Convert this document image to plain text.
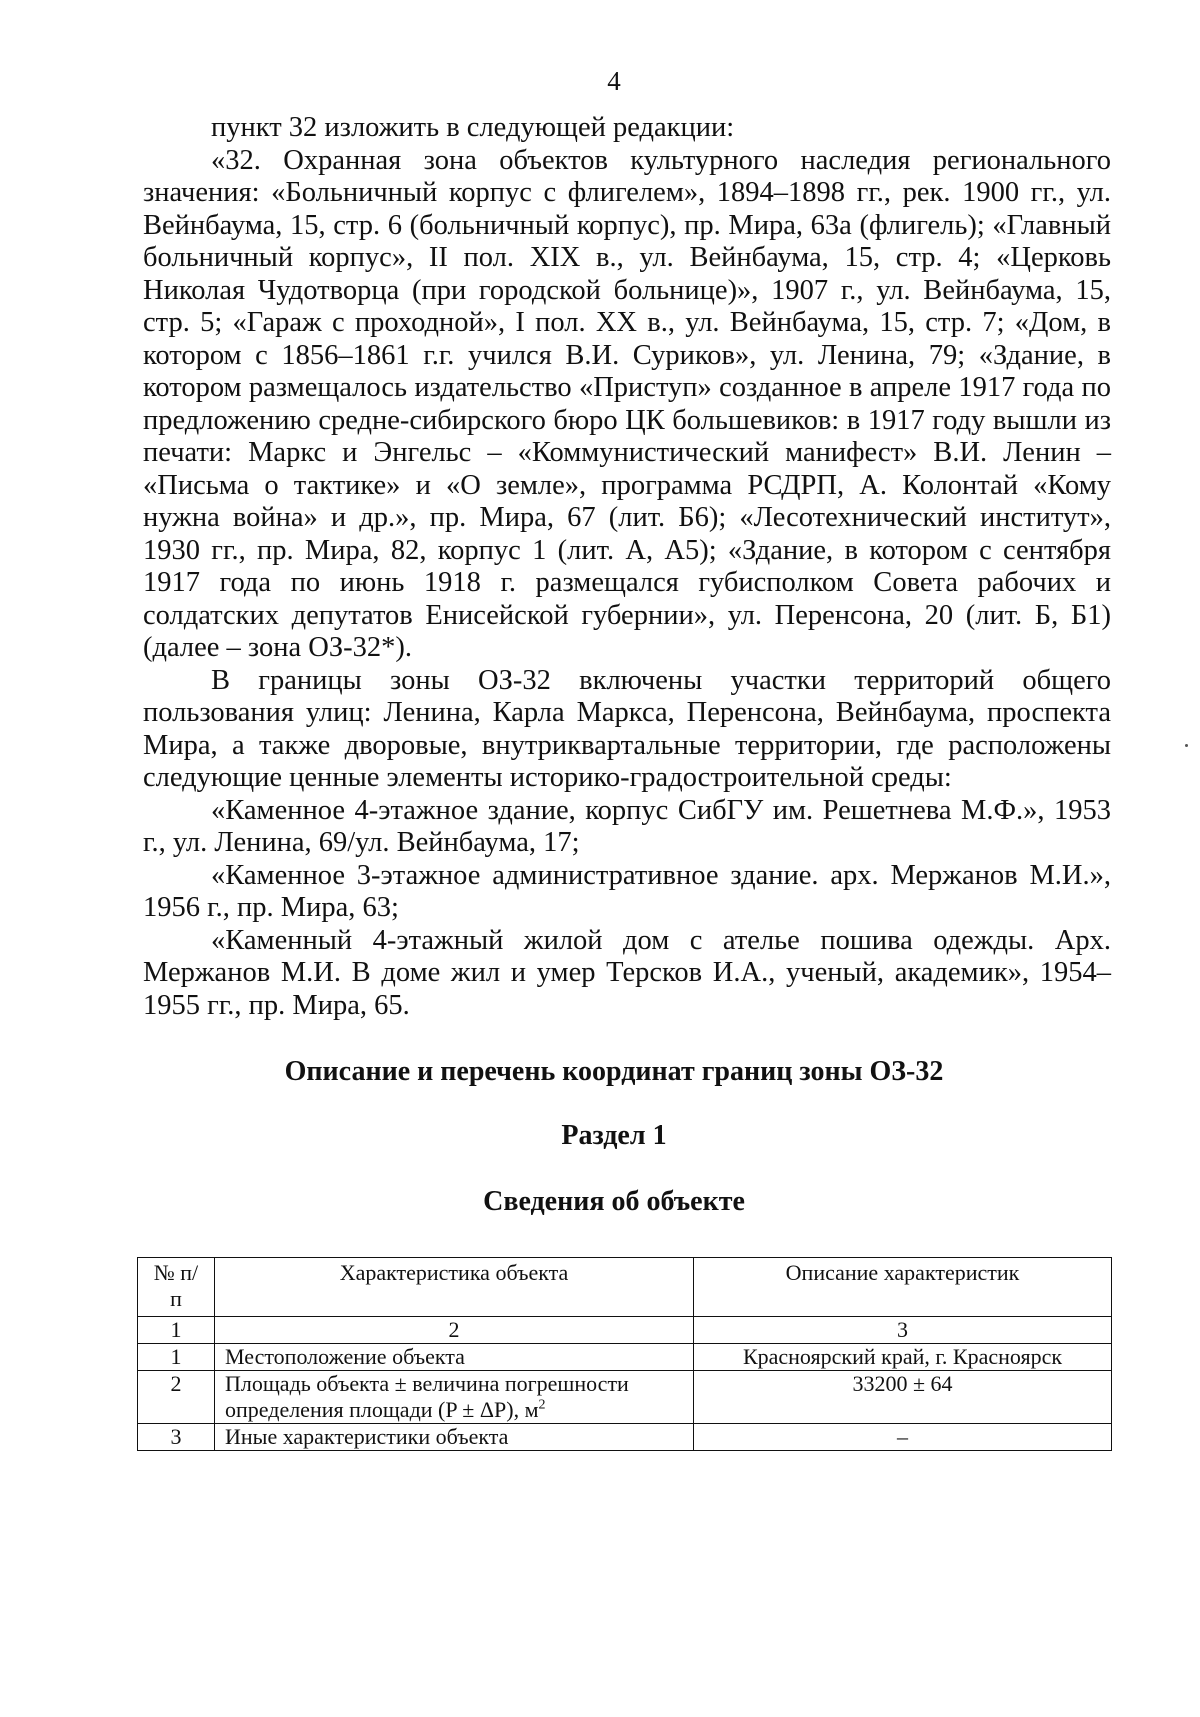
4

пункт 32 изложить в следующей редакции:

«32. Охранная зона объектов культурного наследия регионального значения: «Больничный корпус с флигелем», 1894–1898 гг., рек. 1900 гг., ул. Вейнбаума, 15, стр. 6 (больничный корпус), пр. Мира, 63а (флигель); «Главный больничный корпус», II пол. XIX в., ул. Вейнбаума, 15, стр. 4; «Церковь Николая Чудотворца (при городской больнице)», 1907 г., ул. Вейнбаума, 15, стр. 5; «Гараж с проходной», I пол. XX в., ул. Вейнбаума, 15, стр. 7; «Дом, в котором с 1856–1861 г.г. учился В.И. Суриков», ул. Ленина, 79; «Здание, в котором размещалось издательство «Приступ» созданное в апреле 1917 года по предложению средне-сибирского бюро ЦК большевиков: в 1917 году вышли из печати: Маркс и Энгельс – «Коммунистический манифест» В.И. Ленин – «Письма о тактике» и «О земле», программа РСДРП, А. Колонтай «Кому нужна война» и др.», пр. Мира, 67 (лит. Б6); «Лесотехнический институт», 1930 гг., пр. Мира, 82, корпус 1 (лит. А, А5); «Здание, в котором с сентября 1917 года по июнь 1918 г. размещался губисполком Совета рабочих и солдатских депутатов Енисейской губернии», ул. Перенсона, 20 (лит. Б, Б1) (далее – зона ОЗ-32*).

В границы зоны ОЗ-32 включены участки территорий общего пользования улиц: Ленина, Карла Маркса, Перенсона, Вейнбаума, проспекта Мира, а также дворовые, внутриквартальные территории, где расположены следующие ценные элементы историко-градостроительной среды:

«Каменное 4-этажное здание, корпус СибГУ им. Решетнева М.Ф.», 1953 г., ул. Ленина, 69/ул. Вейнбаума, 17;

«Каменное 3-этажное административное здание. арх. Мержанов М.И.», 1956 г., пр. Мира, 63;

«Каменный 4-этажный жилой дом с ателье пошива одежды. Арх. Мержанов М.И. В доме жил и умер Терсков И.А., ученый, академик», 1954–1955 гг., пр. Мира, 65.

Описание и перечень координат границ зоны ОЗ-32
Раздел 1
Сведения об объекте
№ п/п	Характеристика объекта	Описание характеристик
1	2	3
1	Местоположение объекта	Красноярский край, г. Красноярск
2	Площадь объекта ± величина погрешности определения площади (P ± ΔP), $м^2$	33200 ± 64
3	Иные характеристики объекта	–
